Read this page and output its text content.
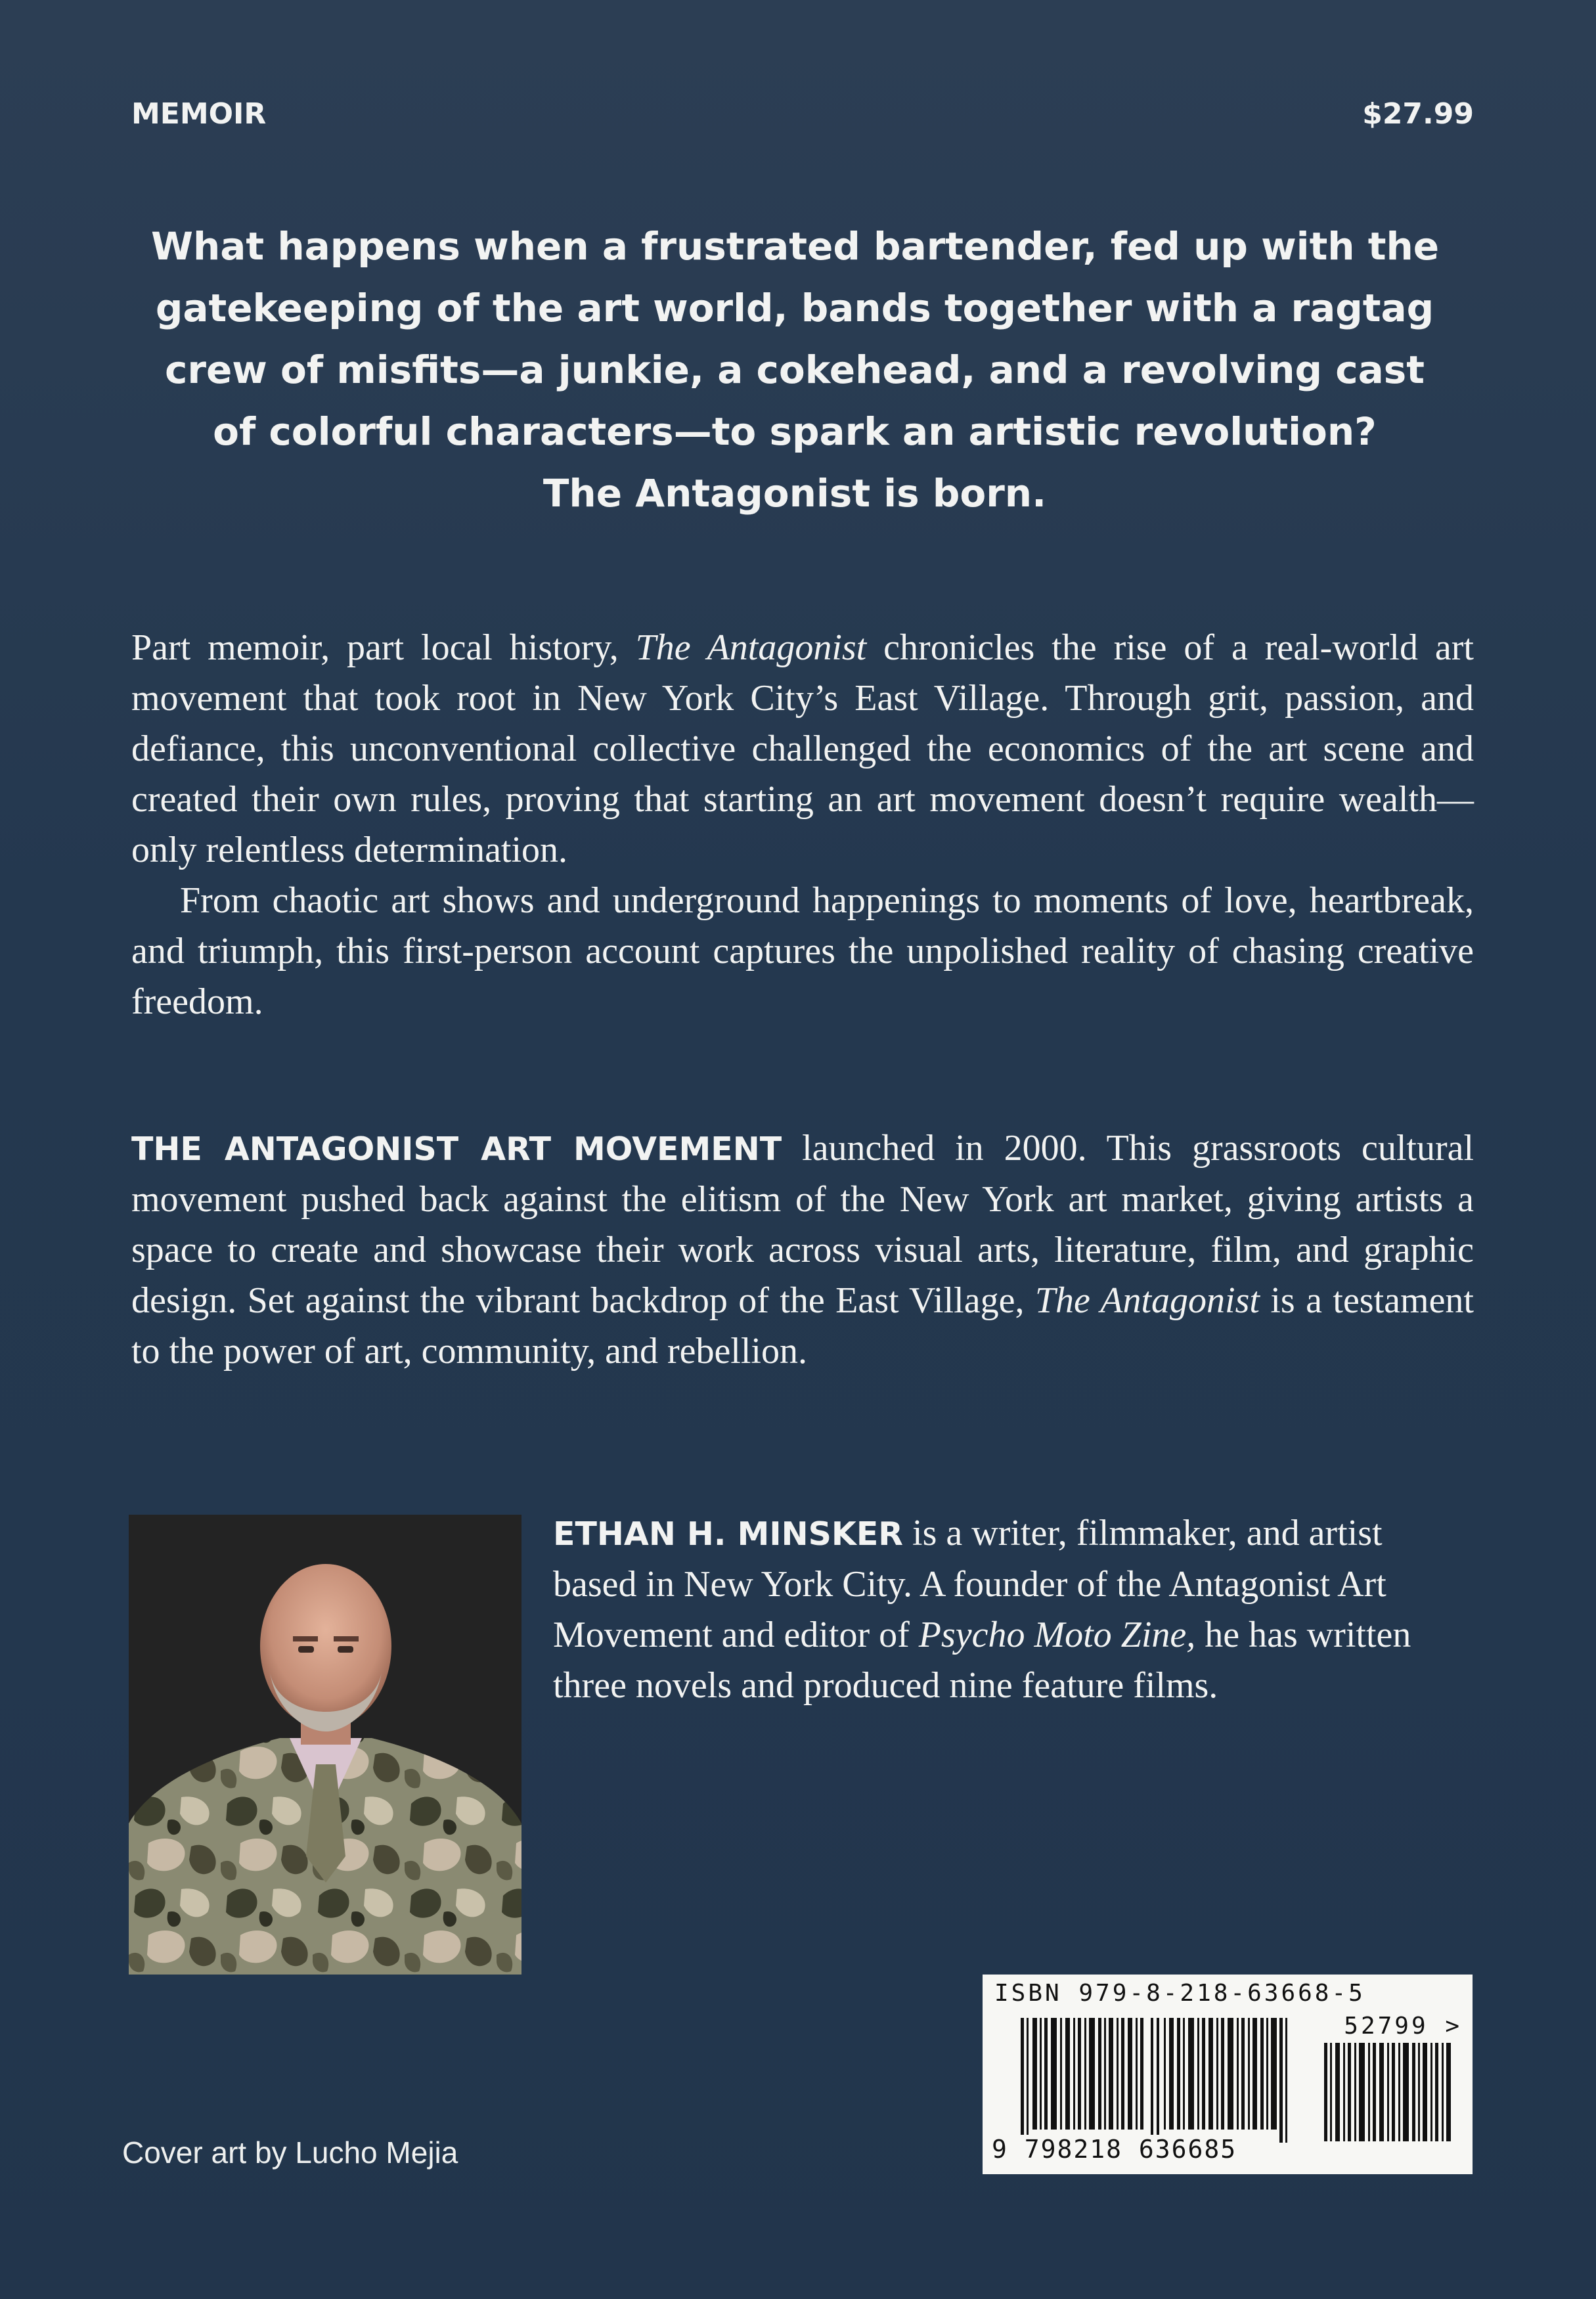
MEMOIR	$27.99
What happens when a frustrated bartender, fed up with the
gatekeeping of the art world, bands together with a ragtag
crew of misfits—a junkie, a cokehead, and a revolving cast
of colorful characters—to spark an artistic revolution?
The Antagonist is born.

Part memoir, part local history, The Antagonist chronicles the rise of a real-world art movement that took root in New York City’s East Village. Through grit, passion, and defiance, this unconventional collective challenged the economics of the art scene and created their own rules, proving that starting an art movement doesn’t require wealth—only relentless determination.

From chaotic art shows and underground happenings to moments of love, heartbreak, and triumph, this first-person account captures the unpolished reality of chasing creative freedom.

THE ANTAGONIST ART MOVEMENT launched in 2000. This grassroots cultural movement pushed back against the elitism of the New York art market, giving artists a space to create and showcase their work across visual arts, literature, film, and graphic design. Set against the vibrant backdrop of the East Village, The Antagonist is a testament to the power of art, community, and rebellion.
ETHAN H. MINSKER is a writer, filmmaker, and artist based in New York City. A founder of the Antagonist Art Movement and editor of Psycho Moto Zine, he has written three novels and produced nine feature films.
ISBN 979-8-218-63668-5
52799 >
9 798218 636685
Cover art by Lucho Mejia
